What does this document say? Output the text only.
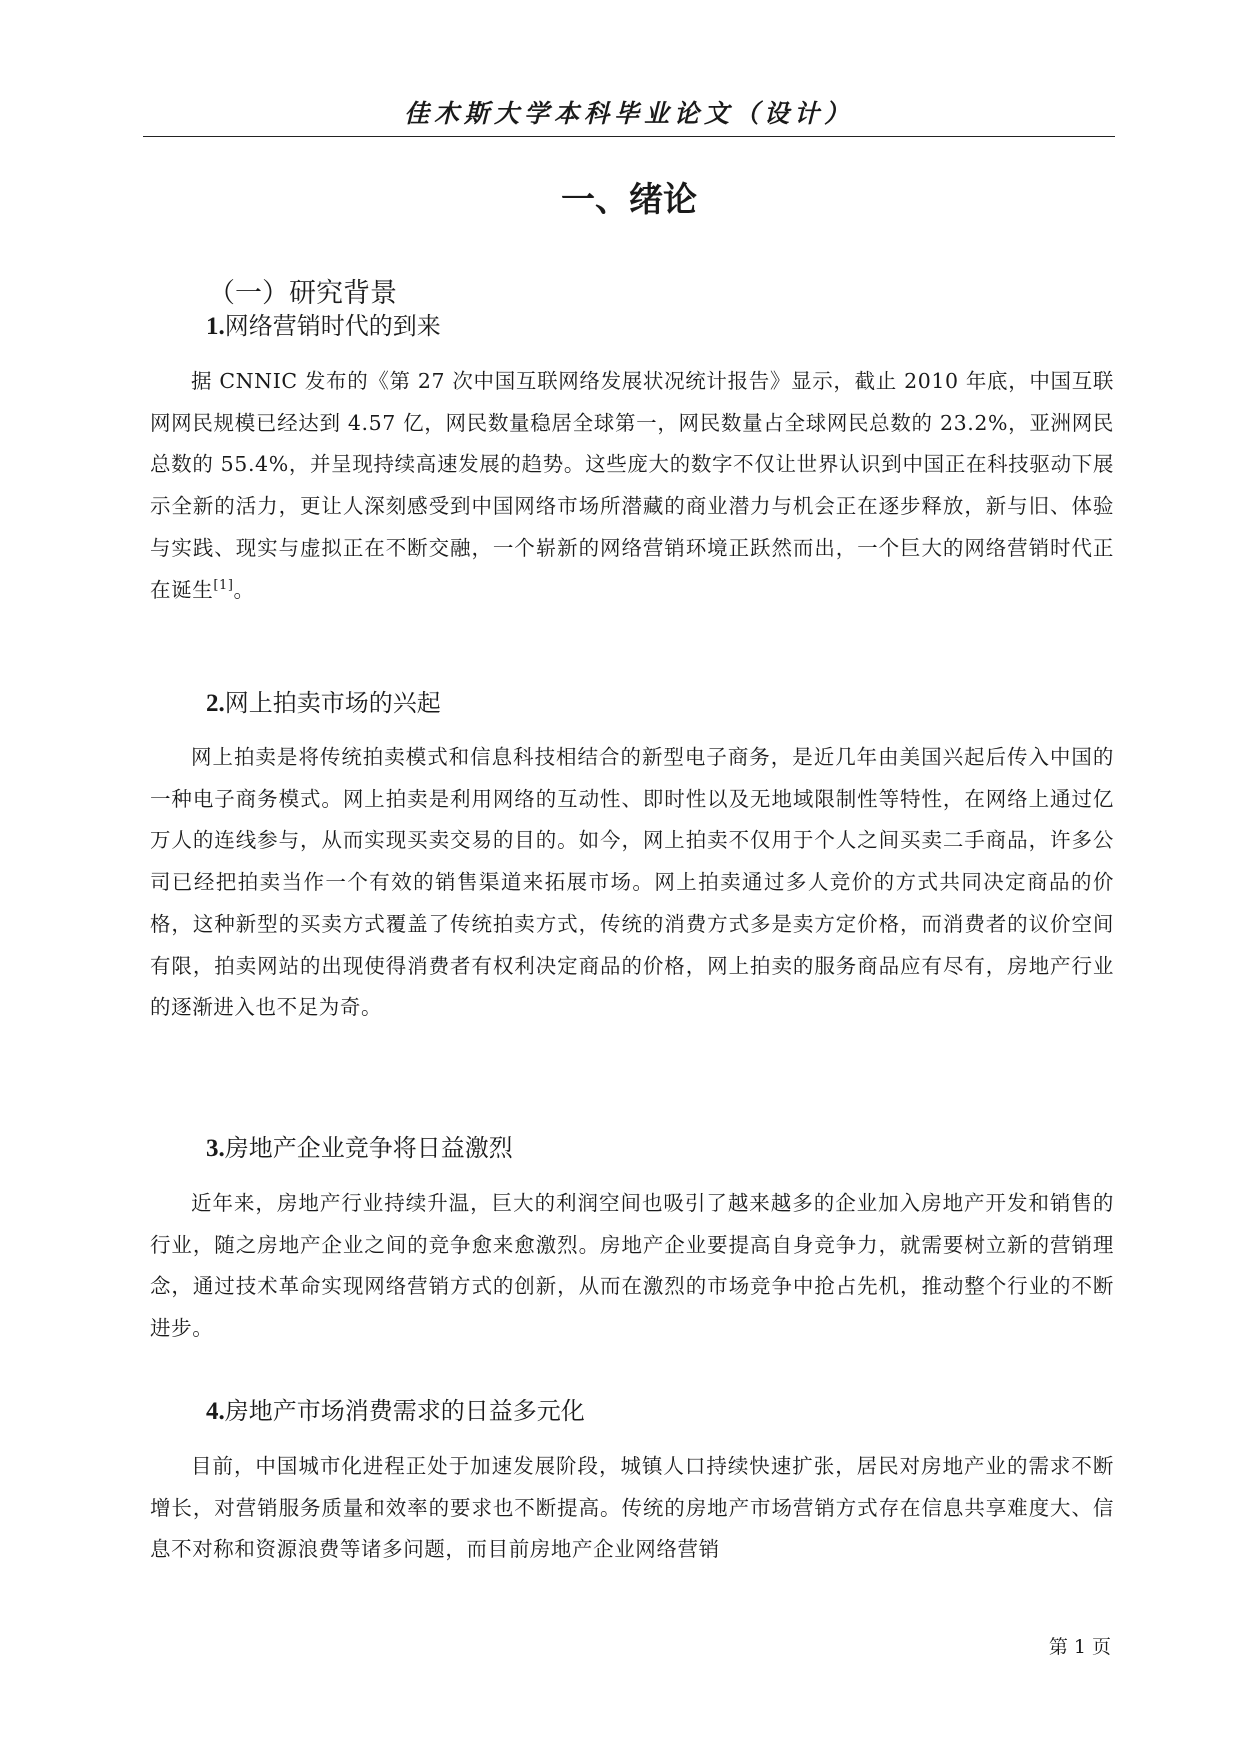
佳木斯大学本科毕业论文（设计）
一、绪论
（一）研究背景
1.网络营销时代的到来
据 CNNIC 发布的《第 27 次中国互联网络发展状况统计报告》显示，截止 2010 年底，中国互联网网民规模已经达到 4.57 亿，网民数量稳居全球第一，网民数量占全球网民总数的 23.2%，亚洲网民总数的 55.4%，并呈现持续高速发展的趋势。这些庞大的数字不仅让世界认识到中国正在科技驱动下展示全新的活力，更让人深刻感受到中国网络市场所潜藏的商业潜力与机会正在逐步释放，新与旧、体验与实践、现实与虚拟正在不断交融，一个崭新的网络营销环境正跃然而出，一个巨大的网络营销时代正在诞生[1]。
2.网上拍卖市场的兴起
网上拍卖是将传统拍卖模式和信息科技相结合的新型电子商务，是近几年由美国兴起后传入中国的一种电子商务模式。网上拍卖是利用网络的互动性、即时性以及无地域限制性等特性，在网络上通过亿万人的连线参与，从而实现买卖交易的目的。如今，网上拍卖不仅用于个人之间买卖二手商品，许多公司已经把拍卖当作一个有效的销售渠道来拓展市场。网上拍卖通过多人竞价的方式共同决定商品的价格，这种新型的买卖方式覆盖了传统拍卖方式，传统的消费方式多是卖方定价格，而消费者的议价空间有限，拍卖网站的出现使得消费者有权利决定商品的价格，网上拍卖的服务商品应有尽有，房地产行业的逐渐进入也不足为奇。
3.房地产企业竞争将日益激烈
近年来，房地产行业持续升温，巨大的利润空间也吸引了越来越多的企业加入房地产开发和销售的行业，随之房地产企业之间的竞争愈来愈激烈。房地产企业要提高自身竞争力，就需要树立新的营销理念，通过技术革命实现网络营销方式的创新，从而在激烈的市场竞争中抢占先机，推动整个行业的不断进步。
4.房地产市场消费需求的日益多元化
目前，中国城市化进程正处于加速发展阶段，城镇人口持续快速扩张，居民对房地产业的需求不断增长，对营销服务质量和效率的要求也不断提高。传统的房地产市场营销方式存在信息共享难度大、信息不对称和资源浪费等诸多问题，而目前房地产企业网络营销
第 1 页
